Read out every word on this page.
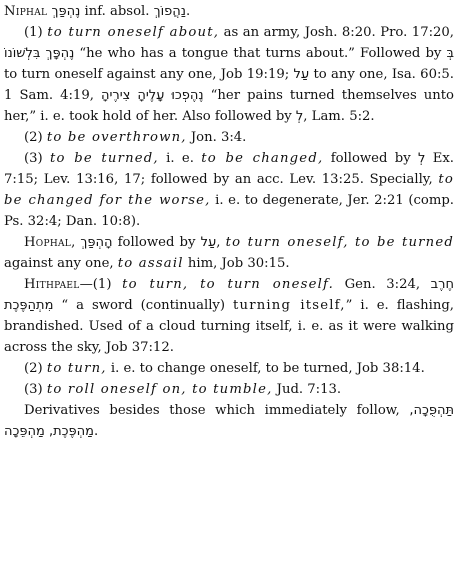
Niphal נֶהְפַּךְ inf. absol. נַהֲפוֹךְ.

(1) to turn oneself about, as an army, Josh. 8:20. Pro. 17:20, נֶהְפָּךְ בִּלְשׁוֹנוֹ “he who has a tongue that turns about.” Followed by בְּ to turn oneself against any one, Job 19:19; עַל to any one, Isa. 60:5. 1 Sam. 4:19, נֶהֶפְכוּ עָלֶיהָ צִירֶיהָ “her pains turned themselves unto her,” i. e. took hold of her. Also followed by לְ, Lam. 5:2.

(2) to be overthrown, Jon. 3:4.

(3) to be turned, i. e. to be changed, followed by לְ Ex. 7:15; Lev. 13:16, 17; followed by an acc. Lev. 13:25. Specially, to be changed for the worse, i. e. to degenerate, Jer. 2:21 (comp. Ps. 32:4; Dan. 10:8).

Hophal, הָהְפַּךְ followed by עַל, to turn oneself, to be turned against any one, to assail him, Job 30:15.

Hithpael—(1) to turn, to turn oneself. Gen. 3:24, חֶרֶב מִתְהַפֶּכֶת “ a sword (continually) turning itself,” i. e. flashing, brandished. Used of a cloud turning itself, i. e. as it were walking across the sky, Job 37:12.

(2) to turn, i. e. to change oneself, to be turned, Job 38:14.

(3) to roll oneself on, to tumble, Jud. 7:13.

Derivatives besides those which immediately follow, תַּהְפֻּכָה, מַהְפֶּכֶת, מַהְפֵּכָה.
